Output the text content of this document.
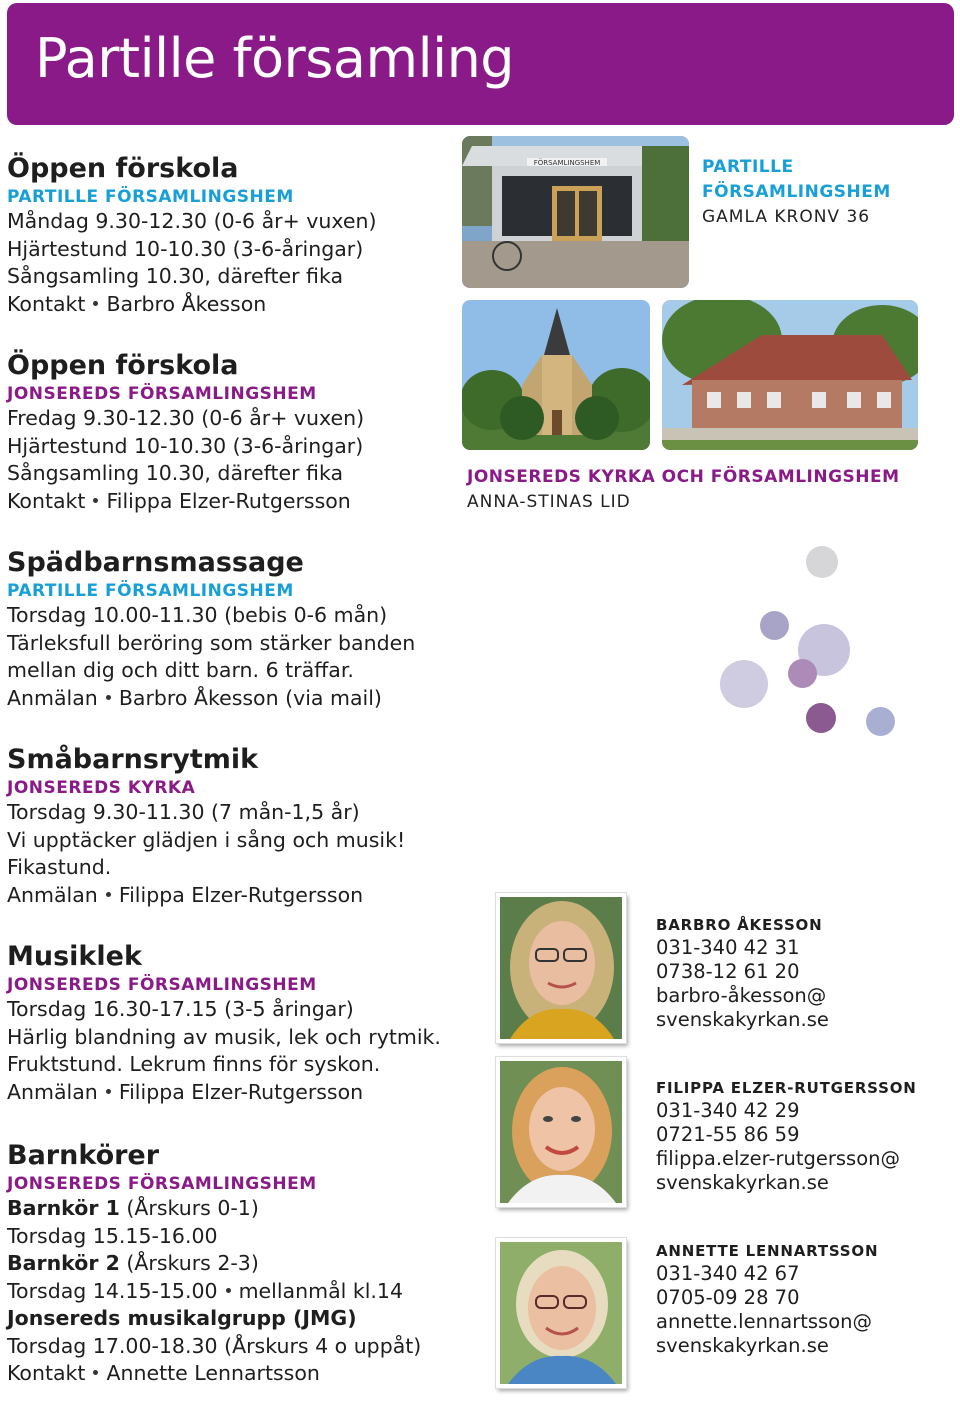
Partille församling
Öppen förskola
PARTILLE FÖRSAMLINGSHEM
Måndag 9.30-12.30 (0-6 år+ vuxen)
Hjärtestund 10-10.30 (3-6-åringar)
Sångsamling 10.30, därefter fika
Kontakt Barbro Åkesson
Öppen förskola
JONSEREDS FÖRSAMLINGSHEM
Fredag 9.30-12.30 (0-6 år+ vuxen)
Hjärtestund 10-10.30 (3-6-åringar)
Sångsamling 10.30, därefter fika
Kontakt Filippa Elzer-Rutgersson
Spädbarnsmassage
PARTILLE FÖRSAMLINGSHEM
Torsdag 10.00-11.30 (bebis 0-6 mån)
Tärleksfull beröring som stärker banden
mellan dig och ditt barn. 6 träffar.
Anmälan Barbro Åkesson (via mail)
Småbarnsrytmik
JONSEREDS KYRKA
Torsdag 9.30-11.30 (7 mån-1,5 år)
Vi upptäcker glädjen i sång och musik!
Fikastund.
Anmälan Filippa Elzer-Rutgersson
Musiklek
JONSEREDS FÖRSAMLINGSHEM
Torsdag 16.30-17.15 (3-5 åringar)
Härlig blandning av musik, lek och rytmik.
Fruktstund. Lekrum finns för syskon.
Anmälan Filippa Elzer-Rutgersson
Barnkörer
JONSEREDS FÖRSAMLINGSHEM
Barnkör 1 (Årskurs 0-1)
Torsdag 15.15-16.00
Barnkör 2 (Årskurs 2-3)
Torsdag 14.15-15.00 mellanmål kl.14
Jonsereds musikalgrupp (JMG)
Torsdag 17.00-18.30 (Årskurs 4 o uppåt)
Kontakt Annette Lennartsson
FÖRSAMLINGSHEM	PARTILLE
FÖRSAMLINGSHEM
GAMLA KRONV 36
JONSEREDS KYRKA OCH FÖRSAMLINGSHEM
ANNA-STINAS LID
BARBRO ÅKESSON
031-340 42 31
0738-12 61 20
barbro-åkesson@
svenskakyrkan.se
FILIPPA ELZER-RUTGERSSON
031-340 42 29
0721-55 86 59
filippa.elzer-rutgersson@
svenskakyrkan.se
ANNETTE LENNARTSSON
031-340 42 67
0705-09 28 70
annette.lennartsson@
svenskakyrkan.se
